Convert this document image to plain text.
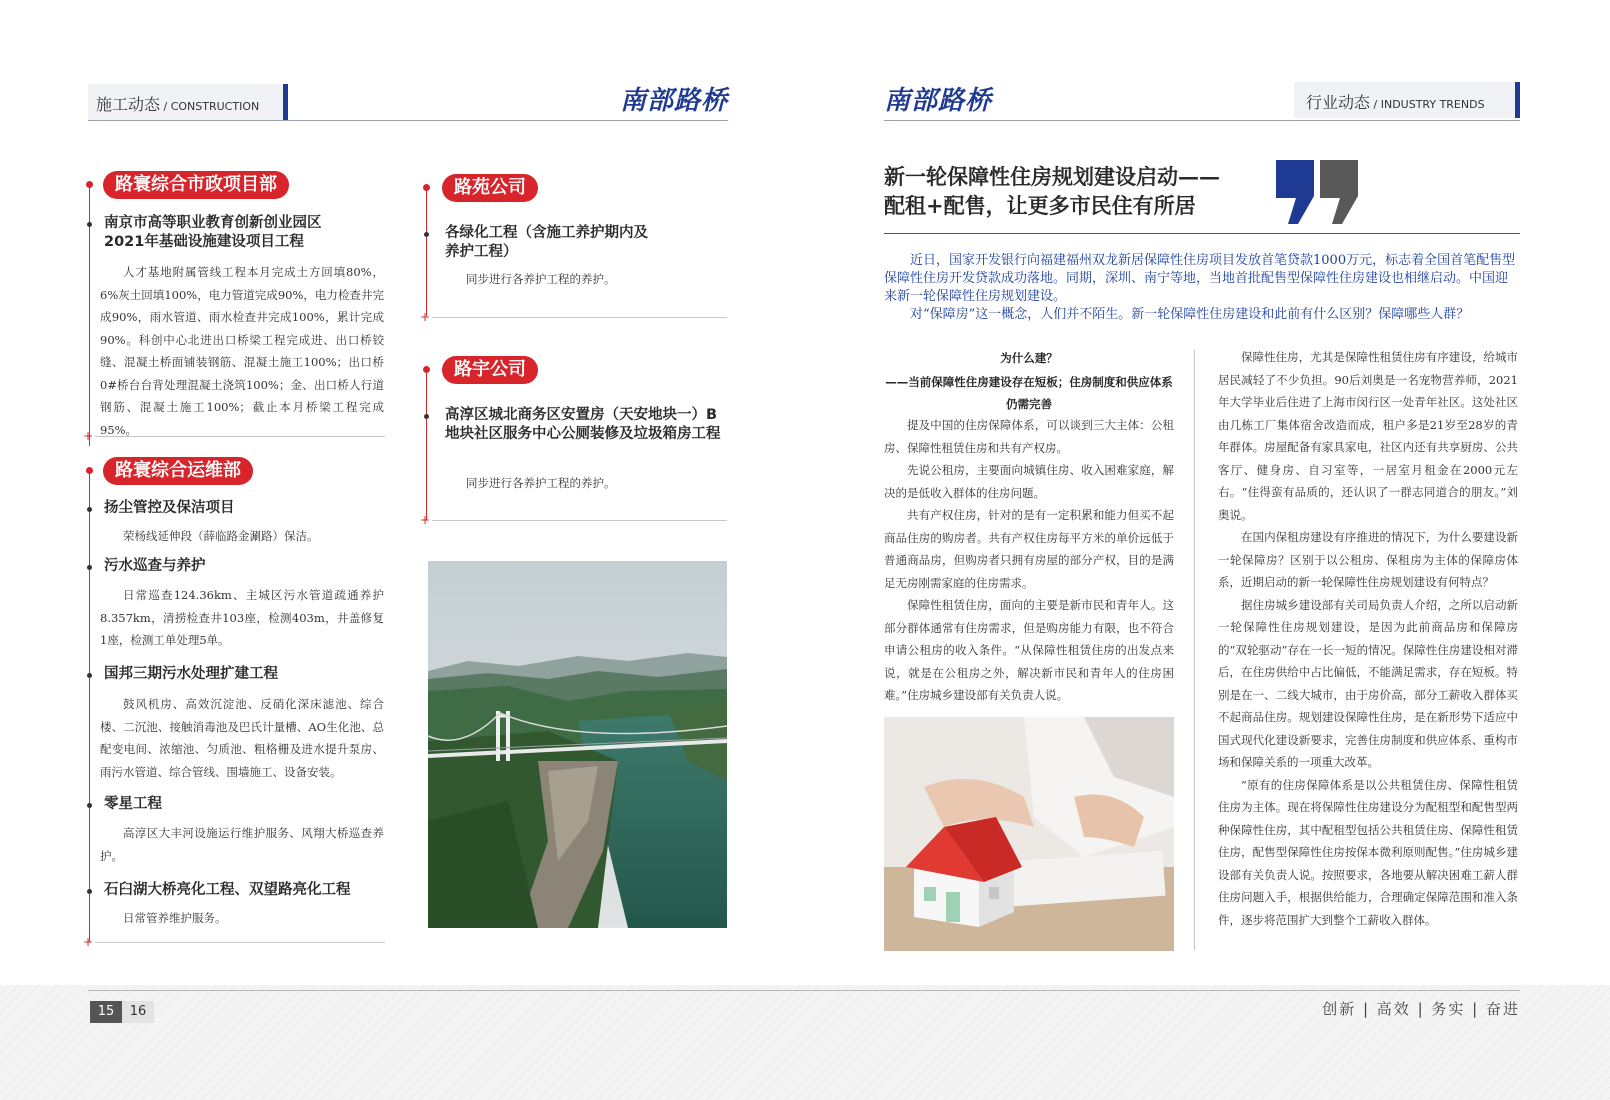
施工动态 / CONSTRUCTION	南部路桥
路寰综合市政项目部
南京市高等职业教育创新创业园区2021年基础设施建设项目工程
人才基地附属管线工程本月完成土方回填80%，6%灰土回填100%，电力管道完成90%，电力检查井完成90%，雨水管道、雨水检查井完成100%，累计完成90%。科创中心北进出口桥梁工程完成进、出口桥铰缝、混凝土桥面铺装钢筋、混凝土施工100%；出口桥0#桥台台背处理混凝土浇筑100%；金、出口桥人行道钢筋、混凝土施工100%；截止本月桥梁工程完成95%。
+
路寰综合运维部
扬尘管控及保洁项目
荣杨线延伸段（薛临路金涮路）保洁。
污水巡查与养护
日常巡查124.36km、主城区污水管道疏通养护8.357km，清捞检查井103座，检测403m，井盖修复1座，检测工单处理5单。
国邦三期污水处理扩建工程
鼓风机房、高效沉淀池、反硝化深床滤池、综合楼、二沉池、接触消毒池及巴氏计量槽、AO生化池、总配变电间、浓缩池、匀质池、粗格栅及进水提升泵房、雨污水管道、综合管线、围墙施工、设备安装。
零星工程
高淳区大丰河设施运行维护服务、风翔大桥巡查养护。
石臼湖大桥亮化工程、双望路亮化工程
日常管养维护服务。
+
路苑公司
各绿化工程（含施工养护期内及养护工程）
同步进行各养护工程的养护。
+
路宇公司
高淳区城北商务区安置房（天安地块一）B地块社区服务中心公厕装修及垃圾箱房工程
同步进行各养护工程的养护。
+
南部路桥	行业动态 / INDUSTRY TRENDS
新一轮保障性住房规划建设启动——
配租+配售，让更多市民住有所居
近日，国家开发银行向福建福州双龙新居保障性住房项目发放首笔贷款1000万元，标志着全国首笔配售型保障性住房开发贷款成功落地。同期，深圳、南宁等地，当地首批配售型保障性住房建设也相继启动。中国迎来新一轮保障性住房规划建设。
对“保障房”这一概念，人们并不陌生。新一轮保障性住房建设和此前有什么区别？保障哪些人群？
为什么建？
——当前保障性住房建设存在短板；住房制度和供应体系仍需完善

提及中国的住房保障体系，可以谈到三大主体：公租房、保障性租赁住房和共有产权房。

先说公租房，主要面向城镇住房、收入困难家庭，解决的是低收入群体的住房问题。

共有产权住房，针对的是有一定积累和能力但买不起商品住房的购房者。共有产权住房每平方米的单价远低于普通商品房，但购房者只拥有房屋的部分产权，目的是满足无房刚需家庭的住房需求。

保障性租赁住房，面向的主要是新市民和青年人。这部分群体通常有住房需求，但是购房能力有限，也不符合申请公租房的收入条件。“从保障性租赁住房的出发点来说，就是在公租房之外，解决新市民和青年人的住房困难。”住房城乡建设部有关负责人说。

保障性住房，尤其是保障性租赁住房有序建设，给城市居民减轻了不少负担。90后刘奥是一名宠物营养师，2021年大学毕业后住进了上海市闵行区一处青年社区。这处社区由几栋工厂集体宿舍改造而成，租户多是21岁至28岁的青年群体。房屋配备有家具家电，社区内还有共享厨房、公共客厅、健身房、自习室等，一居室月租金在2000元左右。“住得蛮有品质的，还认识了一群志同道合的朋友。”刘奥说。

在国内保租房建设有序推进的情况下，为什么要建设新一轮保障房？区别于以公租房、保租房为主体的保障房体系，近期启动的新一轮保障性住房规划建设有何特点？

据住房城乡建设部有关司局负责人介绍，之所以启动新一轮保障性住房规划建设，是因为此前商品房和保障房的“双轮驱动”存在一长一短的情况。保障性住房建设相对滞后，在住房供给中占比偏低，不能满足需求，存在短板。特别是在一、二线大城市，由于房价高，部分工薪收入群体买不起商品住房。规划建设保障性住房，是在新形势下适应中国式现代化建设新要求，完善住房制度和供应体系、重构市场和保障关系的一项重大改革。

“原有的住房保障体系是以公共租赁住房、保障性租赁住房为主体。现在将保障性住房建设分为配租型和配售型两种保障性住房，其中配租型包括公共租赁住房、保障性租赁住房，配售型保障性住房按保本微利原则配售。”住房城乡建设部有关负责人说。按照要求，各地要从解决困难工薪人群住房问题入手，根据供给能力，合理确定保障范围和准入条件，逐步将范围扩大到整个工薪收入群体。

15	16	创新 | 高效 | 务实 | 奋进
